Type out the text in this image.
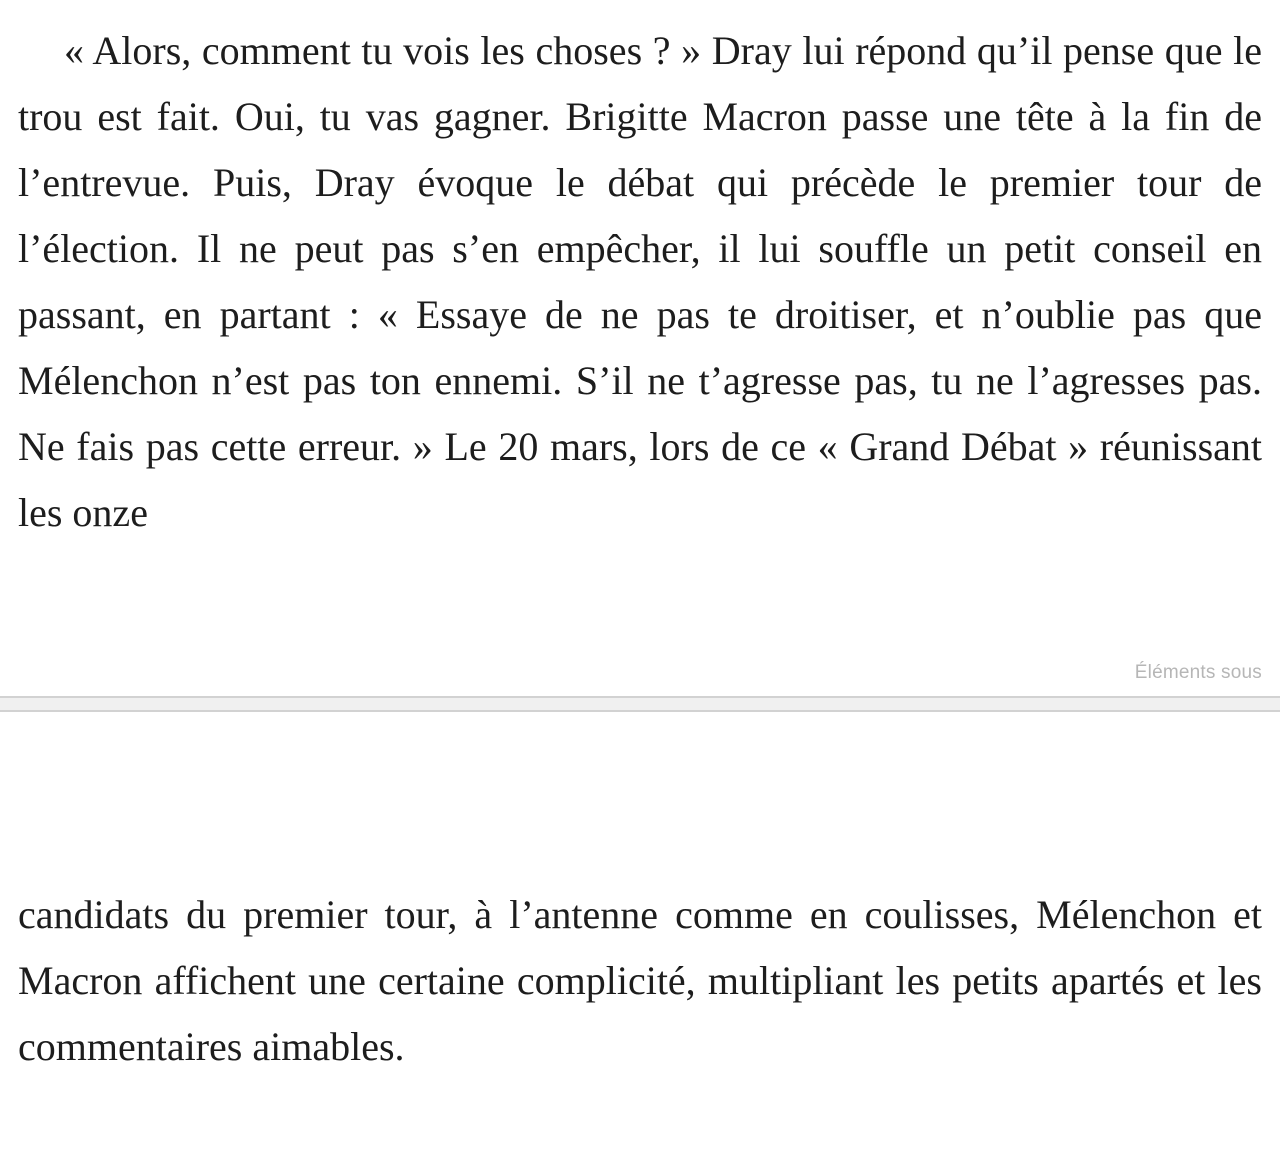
« Alors, comment tu vois les choses ? » Dray lui répond qu’il pense que le trou est fait. Oui, tu vas gagner. Brigitte Macron passe une tête à la fin de l’entrevue. Puis, Dray évoque le débat qui précède le premier tour de l’élection. Il ne peut pas s’en empêcher, il lui souffle un petit conseil en passant, en partant : « Essaye de ne pas te droitiser, et n’oublie pas que Mélenchon n’est pas ton ennemi. S’il ne t’agresse pas, tu ne l’agresses pas. Ne fais pas cette erreur. » Le 20 mars, lors de ce « Grand Débat » réunissant les onze

Éléments sous

candidats du premier tour, à l’antenne comme en coulisses, Mélenchon et Macron affichent une certaine complicité, multipliant les petits apartés et les commentaires aimables.
